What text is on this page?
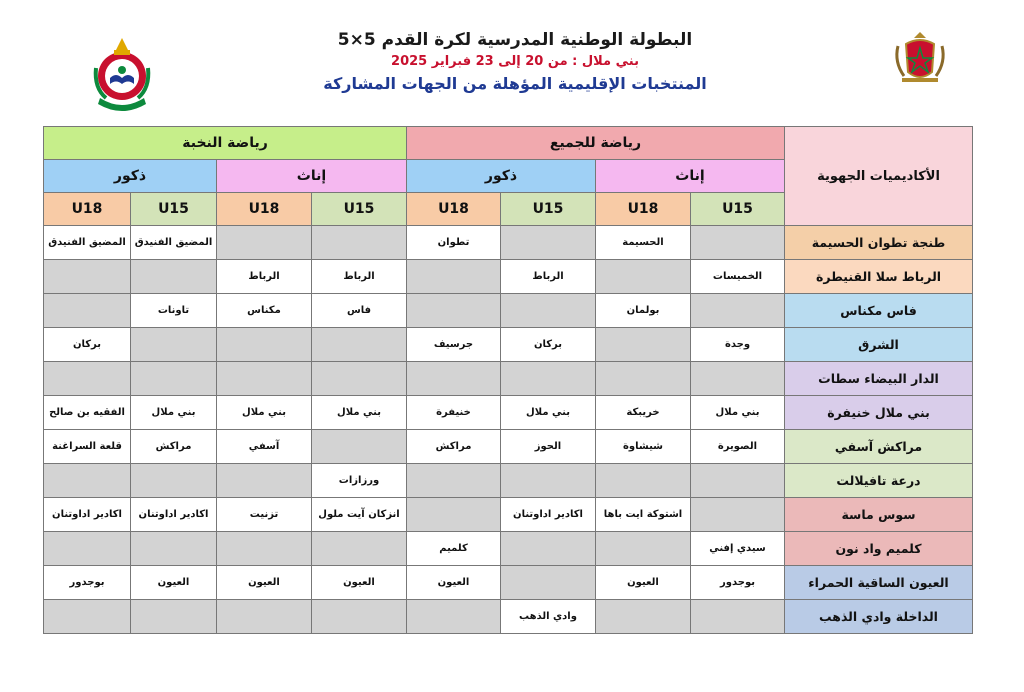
البطولة الوطنية المدرسية لكرة القدم 5×5
بني ملال : من 20 إلى 23 فبراير 2025
المنتخبات الإقليمية المؤهلة من الجهات المشاركة
رياضة النخبة				رياضة للجميع				الأكاديميات الجهوية
ذكور		إناث		ذكور		إناث		
U18	U15	U18	U15	U18	U15	U18	U15	
المضيق الفنيدق	المضيق الفنيدق			تطوان		الحسيمة		طنجة تطوان الحسيمة
		الرباط	الرباط		الرباط		الخميسات	الرباط سلا القنيطرة
	تاونات	مكناس	فاس			بولمان		فاس مكناس
بركان				جرسيف	بركان		وجدة	الشرق
								الدار البيضاء سطات
الفقيه بن صالح	بني ملال	بني ملال	بني ملال	خنيفرة	بني ملال	خريبكة	بني ملال	بني ملال خنيفرة
قلعة السراغنة	مراكش	آسفي		مراكش	الحوز	شيشاوة	الصويرة	مراكش آسفي
			ورزازات					درعة تافيلالت
اكادير اداوتنان	اكادير اداوتنان	تزنيت	انزكان آيت ملول		اكادير اداوتنان	اشتوكة ايت باها		سوس ماسة
				كلميم			سيدي إفني	كلميم واد نون
بوجدور	العيون	العيون	العيون	العيون		العيون	بوجدور	العيون الساقية الحمراء
					وادي الذهب			الداخلة وادي الذهب
